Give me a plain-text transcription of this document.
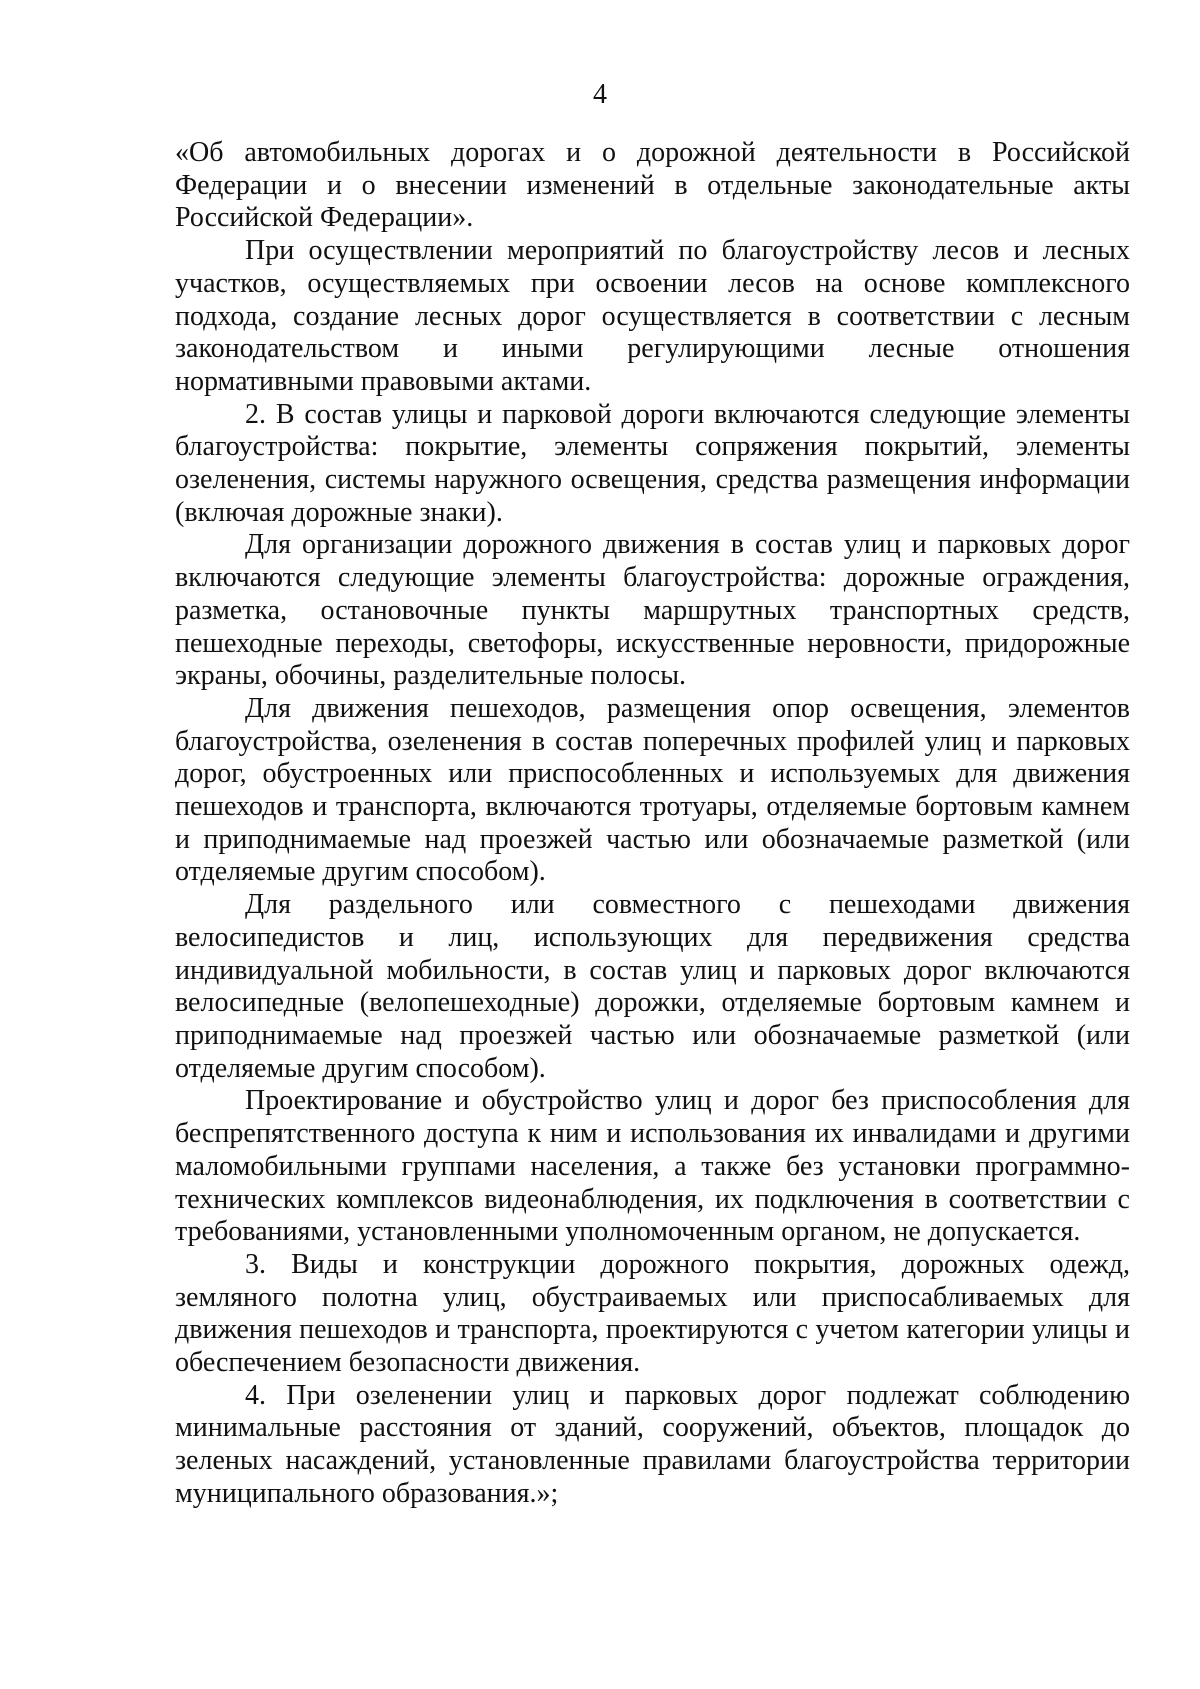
4

«Об автомобильных дорогах и о дорожной деятельности в Российской Федерации и о внесении изменений в отдельные законодательные акты Российской Федерации».

При осуществлении мероприятий по благоустройству лесов и лесных участков, осуществляемых при освоении лесов на основе комплексного подхода, создание лесных дорог осуществляется в соответствии с лесным законодательством и иными регулирующими лесные отношения нормативными правовыми актами.

2. В состав улицы и парковой дороги включаются следующие элементы благоустройства: покрытие, элементы сопряжения покрытий, элементы озеленения, системы наружного освещения, средства размещения информации (включая дорожные знаки).

Для организации дорожного движения в состав улиц и парковых дорог включаются следующие элементы благоустройства: дорожные ограждения, разметка, остановочные пункты маршрутных транспортных средств, пешеходные переходы, светофоры, искусственные неровности, придорожные экраны, обочины, разделительные полосы.

Для движения пешеходов, размещения опор освещения, элементов благоустройства, озеленения в состав поперечных профилей улиц и парковых дорог, обустроенных или приспособленных и используемых для движения пешеходов и транспорта, включаются тротуары, отделяемые бортовым камнем и приподнимаемые над проезжей частью или обозначаемые разметкой (или отделяемые другим способом).

Для раздельного или совместного с пешеходами движения велосипедистов и лиц, использующих для передвижения средства индивидуальной мобильности, в состав улиц и парковых дорог включаются велосипедные (велопешеходные) дорожки, отделяемые бортовым камнем и приподнимаемые над проезжей частью или обозначаемые разметкой (или отделяемые другим способом).

Проектирование и обустройство улиц и дорог без приспособления для беспрепятственного доступа к ним и использования их инвалидами и другими маломобильными группами населения, а также без установки программно-технических комплексов видеонаблюдения, их подключения в соответствии с требованиями, установленными уполномоченным органом, не допускается.

3. Виды и конструкции дорожного покрытия, дорожных одежд, земляного полотна улиц, обустраиваемых или приспосабливаемых для движения пешеходов и транспорта, проектируются с учетом категории улицы и обеспечением безопасности движения.

4. При озеленении улиц и парковых дорог подлежат соблюдению минимальные расстояния от зданий, сооружений, объектов, площадок до зеленых насаждений, установленные правилами благоустройства территории муниципального образования.»;
